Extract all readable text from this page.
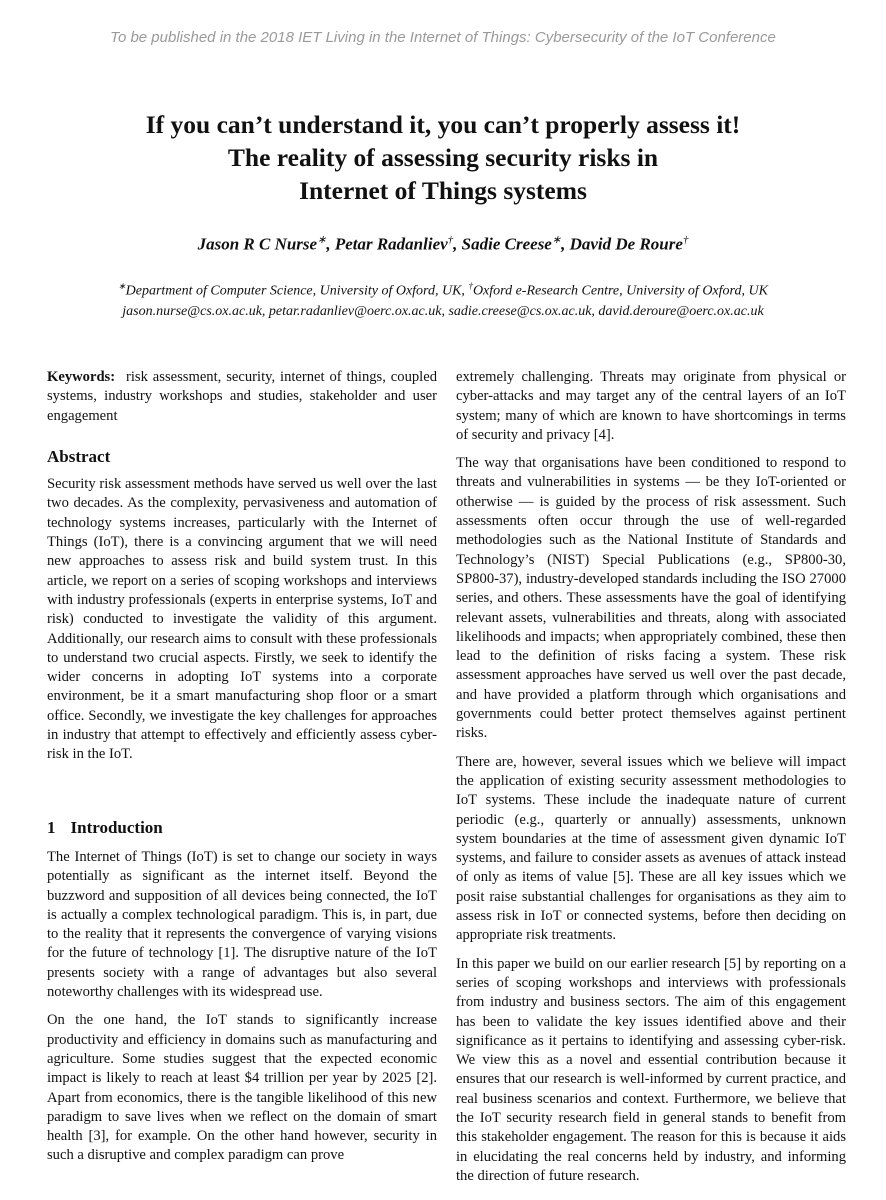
To be published in the 2018 IET Living in the Internet of Things: Cybersecurity of the IoT Conference
If you can’t understand it, you can’t properly assess it!
The reality of assessing security risks in
Internet of Things systems
Jason R C Nurse∗, Petar Radanliev†, Sadie Creese∗, David De Roure†
∗Department of Computer Science, University of Oxford, UK, †Oxford e-Research Centre, University of Oxford, UK
jason.nurse@cs.ox.ac.uk, petar.radanliev@oerc.ox.ac.uk, sadie.creese@cs.ox.ac.uk, david.deroure@oerc.ox.ac.uk

Keywords: risk assessment, security, internet of things, coupled systems, industry workshops and studies, stakeholder and user engagement

Abstract

Security risk assessment methods have served us well over the last two decades. As the complexity, pervasiveness and automation of technology systems increases, particularly with the Internet of Things (IoT), there is a convincing argument that we will need new approaches to assess risk and build system trust. In this article, we report on a series of scoping workshops and interviews with industry professionals (experts in enterprise systems, IoT and risk) conducted to investigate the validity of this argument. Additionally, our research aims to consult with these professionals to understand two crucial aspects. Firstly, we seek to identify the wider concerns in adopting IoT systems into a corporate environment, be it a smart manufacturing shop floor or a smart office. Secondly, we investigate the key challenges for approaches in industry that attempt to effectively and efficiently assess cyber-risk in the IoT.

1 Introduction

The Internet of Things (IoT) is set to change our society in ways potentially as significant as the internet itself. Beyond the buzzword and supposition of all devices being connected, the IoT is actually a complex technological paradigm. This is, in part, due to the reality that it represents the convergence of varying visions for the future of technology [1]. The disruptive nature of the IoT presents society with a range of advantages but also several noteworthy challenges with its widespread use.

On the one hand, the IoT stands to significantly increase productivity and efficiency in domains such as manufacturing and agriculture. Some studies suggest that the expected economic impact is likely to reach at least $4 trillion per year by 2025 [2]. Apart from economics, there is the tangible likelihood of this new paradigm to save lives when we reflect on the domain of smart health [3], for example. On the other hand however, security in such a disruptive and complex paradigm can prove

extremely challenging. Threats may originate from physical or cyber-attacks and may target any of the central layers of an IoT system; many of which are known to have shortcomings in terms of security and privacy [4].

The way that organisations have been conditioned to respond to threats and vulnerabilities in systems — be they IoT-oriented or otherwise — is guided by the process of risk assessment. Such assessments often occur through the use of well-regarded methodologies such as the National Institute of Standards and Technology’s (NIST) Special Publications (e.g., SP800-30, SP800-37), industry-developed standards including the ISO 27000 series, and others. These assessments have the goal of identifying relevant assets, vulnerabilities and threats, along with associated likelihoods and impacts; when appropriately combined, these then lead to the definition of risks facing a system. These risk assessment approaches have served us well over the past decade, and have provided a platform through which organisations and governments could better protect themselves against pertinent risks.

There are, however, several issues which we believe will impact the application of existing security assessment methodologies to IoT systems. These include the inadequate nature of current periodic (e.g., quarterly or annually) assessments, unknown system boundaries at the time of assessment given dynamic IoT systems, and failure to consider assets as avenues of attack instead of only as items of value [5]. These are all key issues which we posit raise substantial challenges for organisations as they aim to assess risk in IoT or connected systems, before then deciding on appropriate risk treatments.

In this paper we build on our earlier research [5] by reporting on a series of scoping workshops and interviews with professionals from industry and business sectors. The aim of this engagement has been to validate the key issues identified above and their significance as it pertains to identifying and assessing cyber-risk. We view this as a novel and essential contribution because it ensures that our research is well-informed by current practice, and real business scenarios and context. Furthermore, we believe that the IoT security research field in general stands to benefit from this stakeholder engagement. The reason for this is because it aids in elucidating the real concerns held by industry, and informing the direction of future research.
